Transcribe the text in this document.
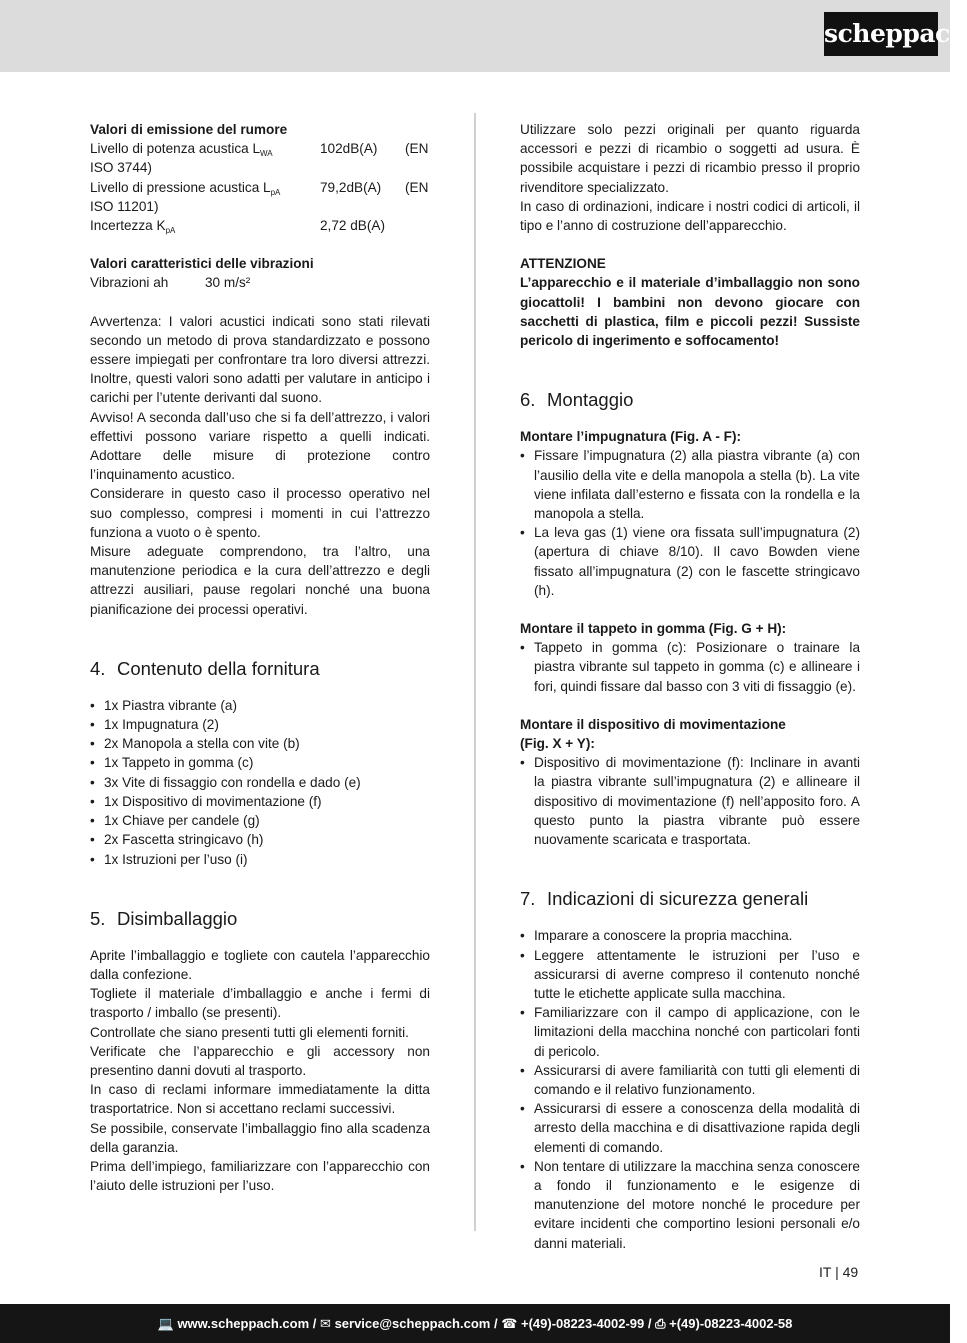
scheppach

Valori di emissione del rumore

Livello di potenza acustica $L_{WA}$	102dB(A)	(EN

ISO 3744)

Livello di pressione acustica $L_{pA}$	79,2dB(A)	(EN

ISO 11201)

Incertezza $K_{pA}$	2,72 dB(A)

Valori caratteristici delle vibrazioni

Vibrazioni ah	30 m/s²

Avvertenza: I valori acustici indicati sono stati rilevati secondo un metodo di prova standardizzato e possono essere impiegati per confrontare tra loro diversi attrezzi. Inoltre, questi valori sono adatti per valutare in anticipo i carichi per l’utente derivanti dal suono.

Avviso! A seconda dall’uso che si fa dell’attrezzo, i valori effettivi possono variare rispetto a quelli indicati. Adottare delle misure di protezione contro l’inquinamento acustico.

Considerare in questo caso il processo operativo nel suo complesso, compresi i momenti in cui l’attrezzo funziona a vuoto o è spento.

Misure adeguate comprendono, tra l’altro, una manutenzione periodica e la cura dell’attrezzo e degli attrezzi ausiliari, pause regolari nonché una buona pianificazione dei processi operativi.

4. Contenuto della fornitura
• 1x Piastra vibrante (a)
• 1x Impugnatura (2)
• 2x Manopola a stella con vite (b)
• 1x Tappeto in gomma (c)
• 3x Vite di fissaggio con rondella e dado (e)
• 1x Dispositivo di movimentazione (f)
• 1x Chiave per candele (g)
• 2x Fascetta stringicavo (h)
• 1x Istruzioni per l’uso (i)
5. Disimballaggio

Aprite l’imballaggio e togliete con cautela l’apparecchio dalla confezione.

Togliete il materiale d’imballaggio e anche i fermi di trasporto / imballo (se presenti).

Controllate che siano presenti tutti gli elementi forniti.

Verificate che l’apparecchio e gli accessory non presentino danni dovuti al trasporto.

In caso di reclami informare immediatamente la ditta trasportatrice. Non si accettano reclami successivi.

Se possibile, conservate l’imballaggio fino alla scadenza della garanzia.

Prima dell’impiego, familiarizzare con l’apparecchio con l’aiuto delle istruzioni per l’uso.

Utilizzare solo pezzi originali per quanto riguarda accessori e pezzi di ricambio o soggetti ad usura. È possibile acquistare i pezzi di ricambio presso il proprio rivenditore specializzato.

In caso di ordinazioni, indicare i nostri codici di articoli, il tipo e l’anno di costruzione dell’apparecchio.

ATTENZIONE

L’apparecchio e il materiale d’imballaggio non sono giocattoli! I bambini non devono giocare con sacchetti di plastica, film e piccoli pezzi! Sussiste pericolo di ingerimento e soffocamento!

6. Montaggio

Montare l’impugnatura (Fig. A - F):

• Fissare l’impugnatura (2) alla piastra vibrante (a) con l’ausilio della vite e della manopola a stella (b). La vite viene infilata dall’esterno e fissata con la rondella e la manopola a stella.
• La leva gas (1) viene ora fissata sull’impugnatura (2) (apertura di chiave 8/10). Il cavo Bowden viene fissato all’impugnatura (2) con le fascette stringicavo (h).

Montare il tappeto in gomma (Fig. G + H):

• Tappeto in gomma (c): Posizionare o trainare la piastra vibrante sul tappeto in gomma (c) e allineare i fori, quindi fissare dal basso con 3 viti di fissaggio (e).

Montare il dispositivo di movimentazione

(Fig. X + Y):

• Dispositivo di movimentazione (f): Inclinare in avanti la piastra vibrante sull’impugnatura (2) e allineare il dispositivo di movimentazione (f) nell’apposito foro. A questo punto la piastra vibrante può essere nuovamente scaricata e trasportata.
7. Indicazioni di sicurezza generali
• Imparare a conoscere la propria macchina.
• Leggere attentamente le istruzioni per l’uso e assicurarsi di averne compreso il contenuto nonché tutte le etichette applicate sulla macchina.
• Familiarizzare con il campo di applicazione, con le limitazioni della macchina nonché con particolari fonti di pericolo.
• Assicurarsi di avere familiarità con tutti gli elementi di comando e il relativo funzionamento.
• Assicurarsi di essere a conoscenza della modalità di arresto della macchina e di disattivazione rapida degli elementi di comando.
• Non tentare di utilizzare la macchina senza conoscere a fondo il funzionamento e le esigenze di manutenzione del motore nonché le procedure per evitare incidenti che comportino lesioni personali e/o danni materiali.
IT | 49
💻 www.scheppach.com / ✉ service@scheppach.com / ☎ +(49)-08223-4002-99 / ⎙ +(49)-08223-4002-58
